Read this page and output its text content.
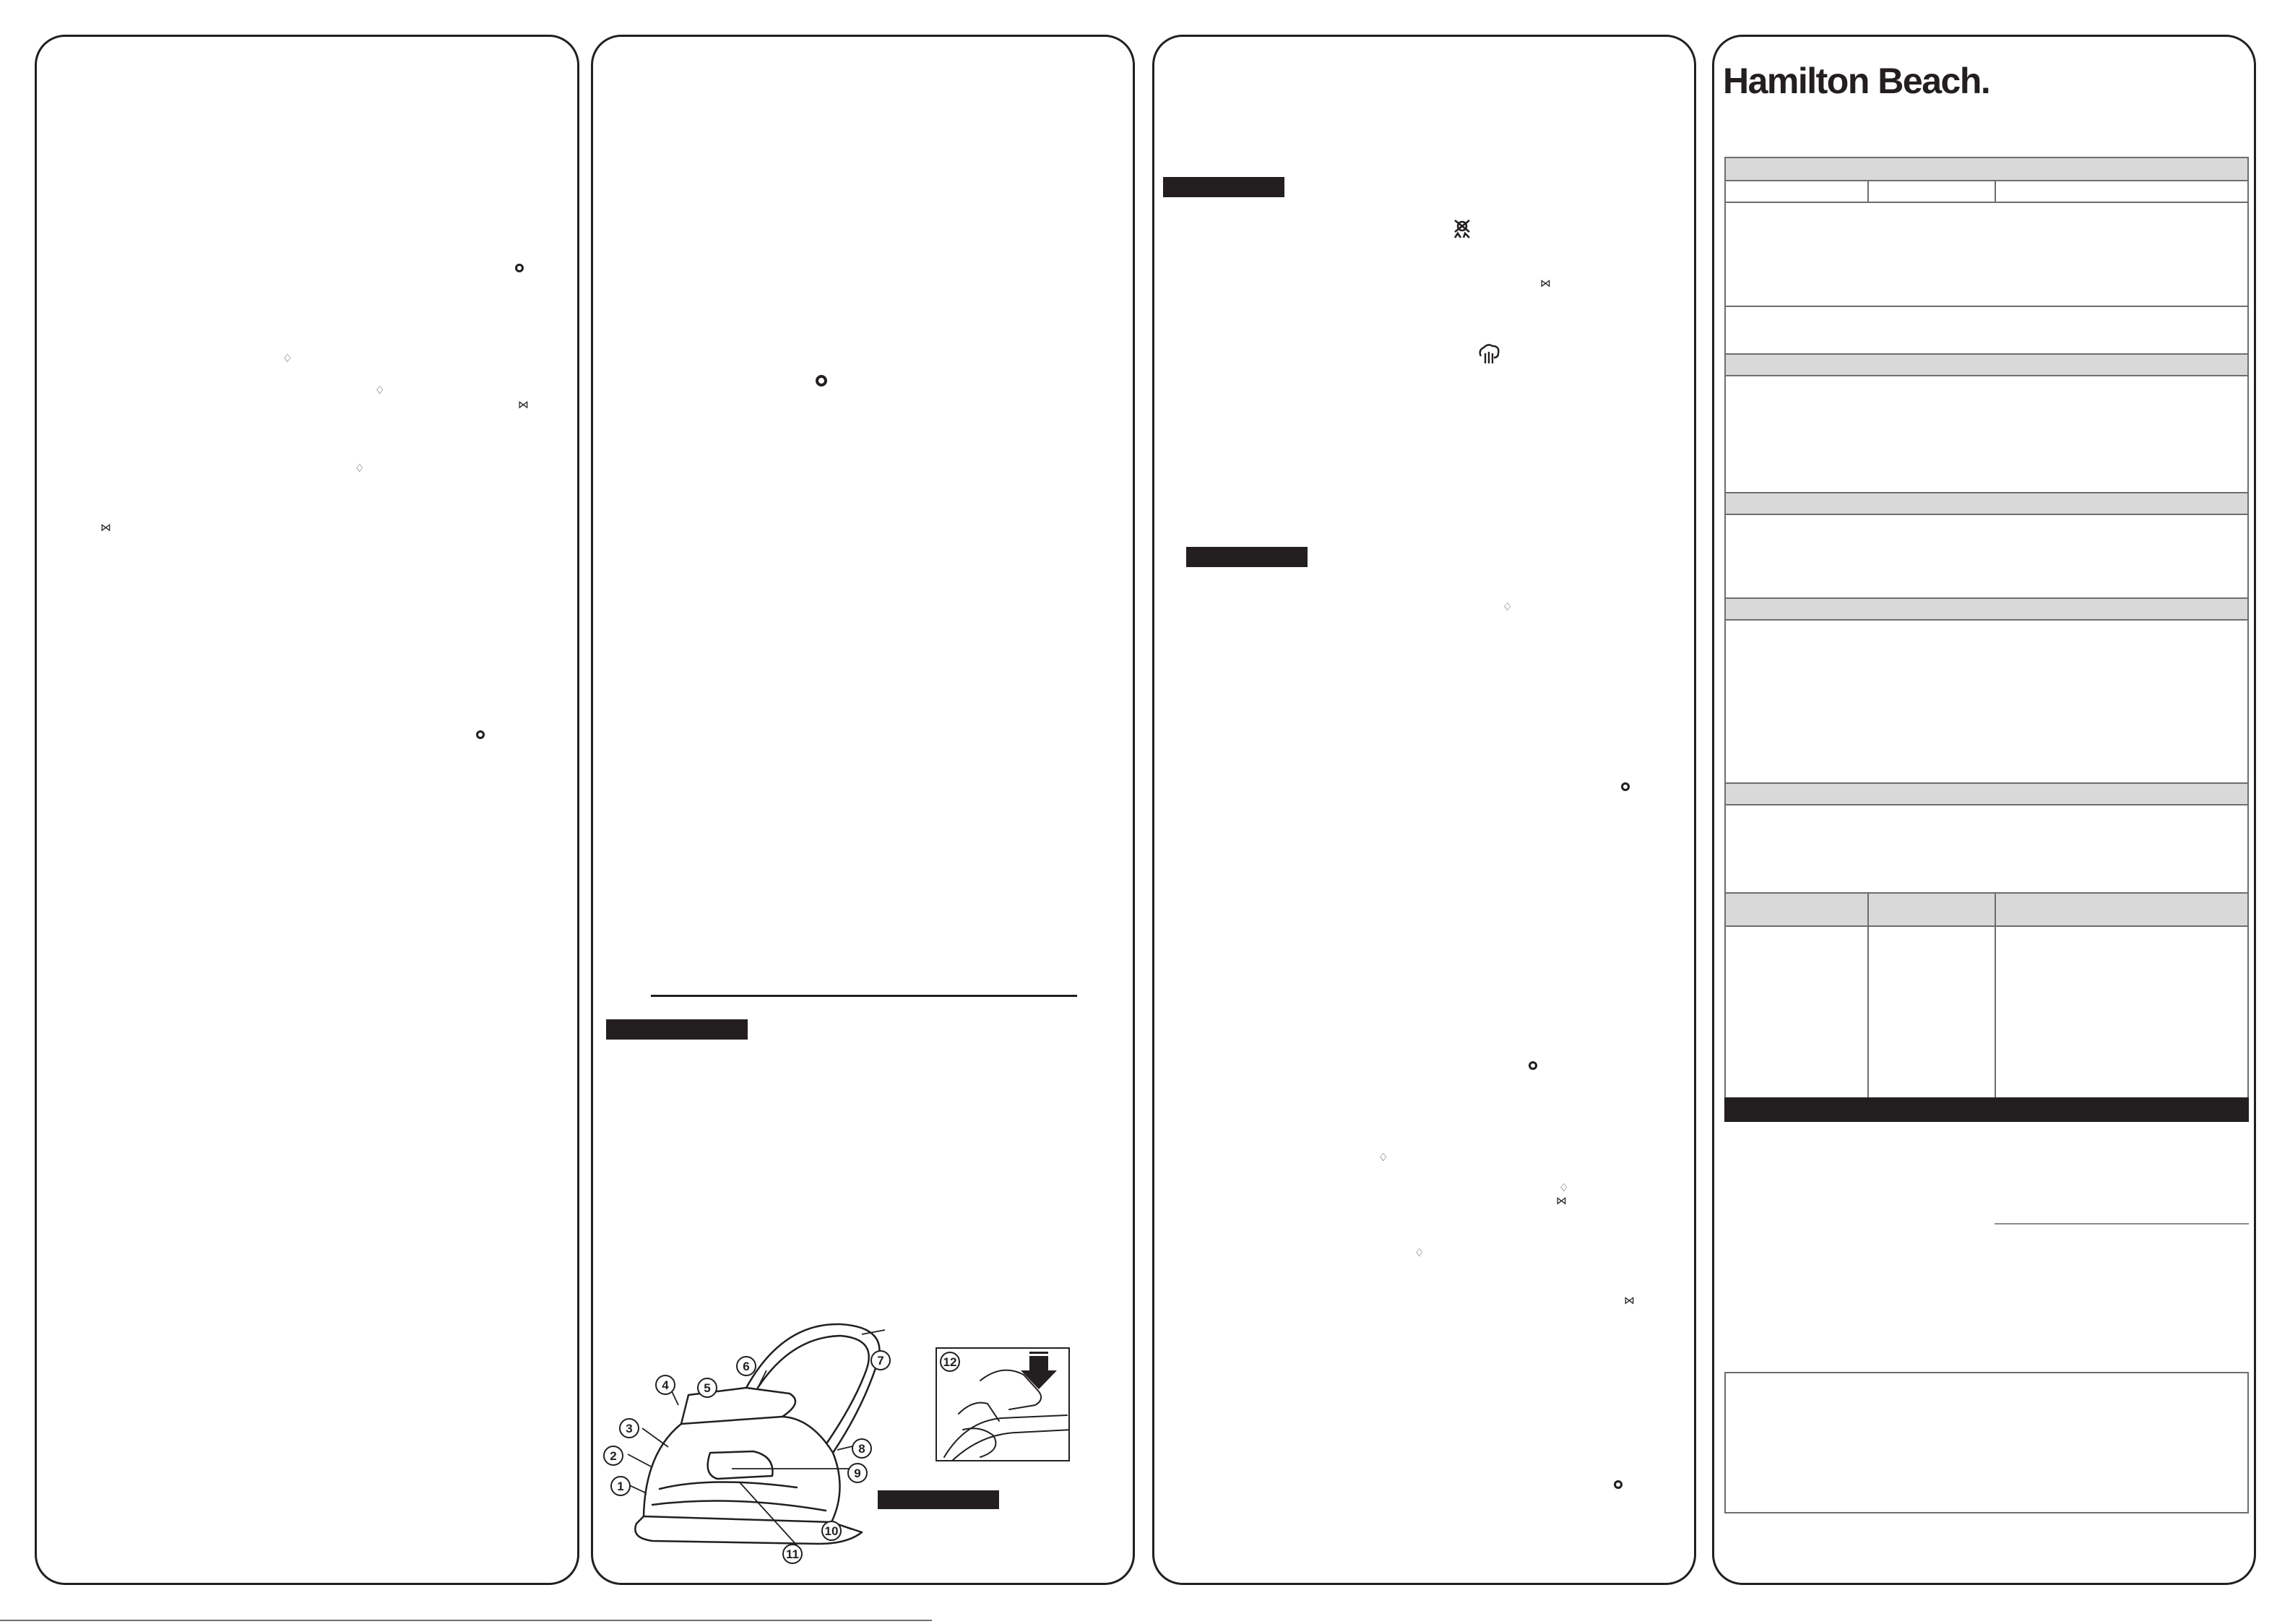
♢
♢
⋈
♢
⋈
1
2
3
4	5
6	7
8
9
10
11
12
⋈
♢
♢
♢
⋈
♢
⋈
Hamilton Beach.
